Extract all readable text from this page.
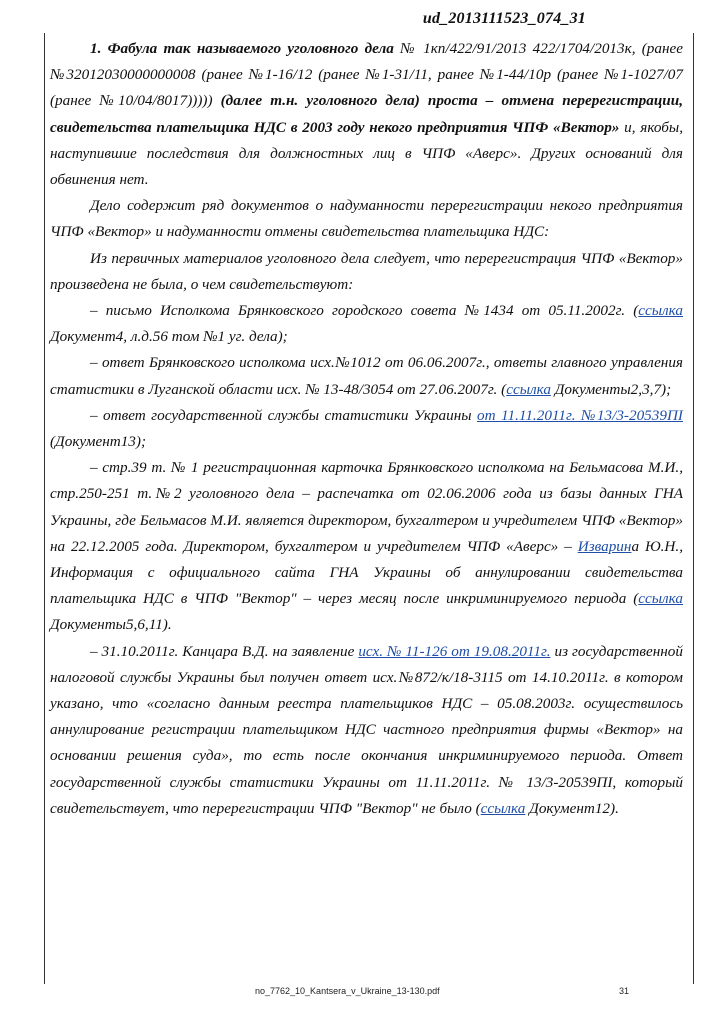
ud_2013111523_074_31

1. Фабула так называемого уголовного дела № 1кп/422/91/2013 422/1704/2013к, (ранее №32012030000000008 (ранее №1-16/12 (ранее №1-31/11, ранее №1-44/10р (ранее №1-1027/07 (ранее №10/04/8017))))) (далее т.н. уголовного дела) проста – отмена перерегистрации, свидетельства плательщика НДС в 2003 году некого предприятия ЧПФ «Вектор» и, якобы, наступившие последствия для должностных лиц в ЧПФ «Аверс». Других оснований для обвинения нет.

Дело содержит ряд документов о надуманности перерегистрации некого предприятия ЧПФ «Вектор» и надуманности отмены свидетельства плательщика НДС:

Из первичных материалов уголовного дела следует, что перерегистрация ЧПФ «Вектор» произведена не была, о чем свидетельствуют:

– письмо Исполкома Брянковского городского совета №1434 от 05.11.2002г. (ссылка Документ4, л.д.56 том №1 уг. дела);

– ответ Брянковского исполкома исх.№1012 от 06.06.2007г., ответы главного управления статистики в Луганской области исх. № 13-48/3054 от 27.06.2007г. (ссылка Документы2,3,7);

– ответ государственной службы статистики Украины от 11.11.2011г. №13/3-20539ПІ (Документ13);

– стр.39 т. № 1 регистрационная карточка Брянковского исполкома на Бельмасова М.И., стр.250-251 т.№2 уголовного дела – распечатка от 02.06.2006 года из базы данных ГНА Украины, где Бельмасов М.И. является директором, бухгалтером и учредителем ЧПФ «Вектор» на 22.12.2005 года. Директором, бухгалтером и учредителем ЧПФ «Аверс» – Изварина Ю.Н., Информация с официального сайта ГНА Украины об аннулировании свидетельства плательщика НДС в ЧПФ "Вектор" – через месяц после инкриминируемого периода (ссылка Документы5,6,11).

– 31.10.2011г. Канцара В.Д. на заявление исх. № 11-126 от 19.08.2011г. из государственной налоговой службы Украины был получен ответ исх.№872/к/18-3115 от 14.10.2011г. в котором указано, что «согласно данным реестра плательщиков НДС – 05.08.2003г. осуществилось аннулирование регистрации плательщиком НДС частного предприятия фирмы «Вектор» на основании решения суда», то есть после окончания инкриминируемого периода. Ответ государственной службы статистики Украины от 11.11.2011г. № 13/3-20539ПІ, который свидетельствует, что перерегистрации ЧПФ "Вектор" не было (ссылка Документ12).

no_7762_10_Kantsera_v_Ukraine_13-130.pdf	31
